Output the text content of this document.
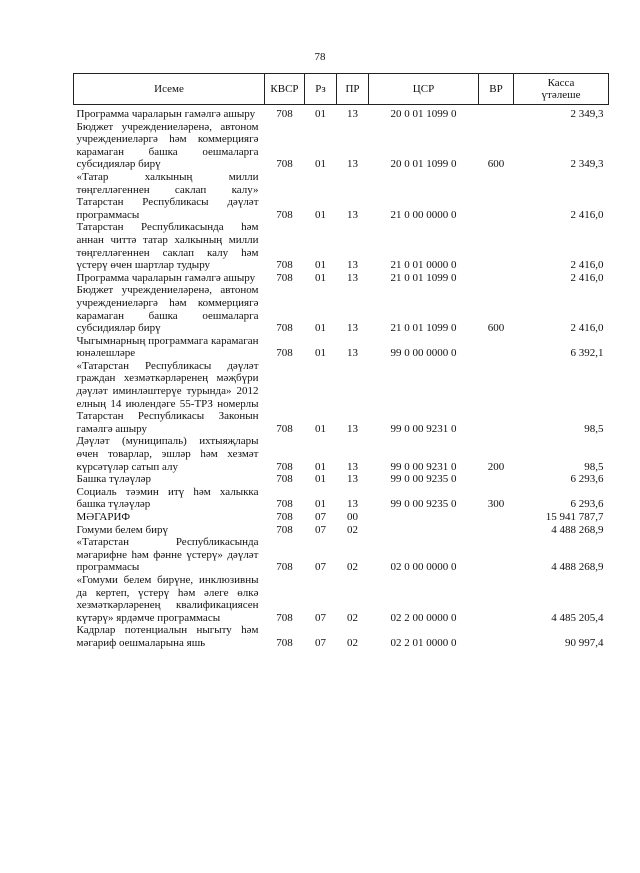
78
Исеме	КВСР	Рз	ПР	ЦСР	ВР	Касса
үтәлеше

Программа чараларын гамәлгә ашыру	708	01	13	20 0 01 1099 0		2 349,3
Бюджет учреждениеләренә, автоном учреждениеләргә һәм коммерциягә карамаган башка оешмаларга субсидияләр бирү	708	01	13	20 0 01 1099 0	600	2 349,3
«Татар халкының милли төңгелләгеннен саклап калу» Татарстан Республикасы дәүләт программасы	708	01	13	21 0 00 0000 0		2 416,0
Татарстан Республикасында һәм аннан читтә татар халкының милли төңгелләгеннен саклап калу һәм үстерү өчен шартлар тудыру	708	01	13	21 0 01 0000 0		2 416,0
Программа чараларын гамәлгә ашыру	708	01	13	21 0 01 1099 0		2 416,0
Бюджет учреждениеләренә, автоном учреждениеләргә һәм коммерциягә карамаган башка оешмаларга субсидияләр бирү	708	01	13	21 0 01 1099 0	600	2 416,0
Чыгымнарның программага карамаган юнәлешләре	708	01	13	99 0 00 0000 0		6 392,1
«Татарстан Республикасы дәүләт граждан хезмәткәрләренең мәҗбүри дәүләт иминләштерүе турында» 2012 елның 14 июлендәге 55-ТРЗ номерлы Татарстан Республикасы Законын гамәлгә ашыру	708	01	13	99 0 00 9231 0		98,5
Дәүләт (муниципаль) ихтыяҗлары өчен товарлар, эшләр һәм хезмәт күрсәтүләр сатып алу	708	01	13	99 0 00 9231 0	200	98,5
Башка түләүләр	708	01	13	99 0 00 9235 0		6 293,6
Социаль тәэмин итү һәм халыкка башка түләүләр	708	01	13	99 0 00 9235 0	300	6 293,6
МӘГАРИФ	708	07	00			15 941 787,7
Гомуми белем бирү	708	07	02			4 488 268,9
«Татарстан Республикасында мәгарифне һәм фәнне үстерү» дәүләт программасы	708	07	02	02 0 00 0000 0		4 488 268,9
«Гомуми белем бирүне, инклюзивны да кертеп, үстерү һәм әлеге өлкә хезмәткәрләренең квалификациясен күтәрү» ярдәмче программасы	708	07	02	02 2 00 0000 0		4 485 205,4
Кадрлар потенциалын ныгыту һәм мәгариф оешмаларына яшь	708	07	02	02 2 01 0000 0		90 997,4
